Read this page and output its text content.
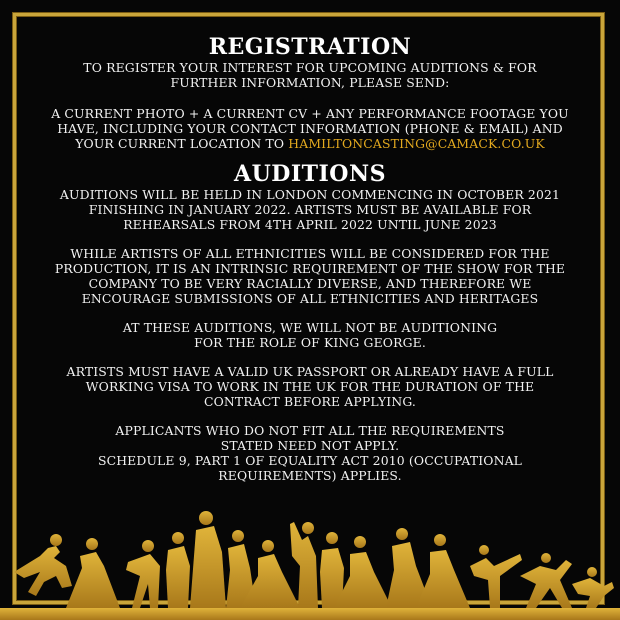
REGISTRATION

TO REGISTER YOUR INTEREST FOR UPCOMING AUDITIONS & FOR

FURTHER INFORMATION, PLEASE SEND:

A CURRENT PHOTO + A CURRENT CV + ANY PERFORMANCE FOOTAGE YOU

HAVE, INCLUDING YOUR CONTACT INFORMATION (PHONE & EMAIL) AND

YOUR CURRENT LOCATION TO HAMILTONCASTING@CAMACK.CO.UK

AUDITIONS

AUDITIONS WILL BE HELD IN LONDON COMMENCING IN OCTOBER 2021

FINISHING IN JANUARY 2022. ARTISTS MUST BE AVAILABLE FOR

REHEARSALS FROM 4TH APRIL 2022 UNTIL JUNE 2023

WHILE ARTISTS OF ALL ETHNICITIES WILL BE CONSIDERED FOR THE

PRODUCTION, IT IS AN INTRINSIC REQUIREMENT OF THE SHOW FOR THE

COMPANY TO BE VERY RACIALLY DIVERSE, AND THEREFORE WE

ENCOURAGE SUBMISSIONS OF ALL ETHNICITIES AND HERITAGES

AT THESE AUDITIONS, WE WILL NOT BE AUDITIONING

FOR THE ROLE OF KING GEORGE.

ARTISTS MUST HAVE A VALID UK PASSPORT OR ALREADY HAVE A FULL

WORKING VISA TO WORK IN THE UK FOR THE DURATION OF THE

CONTRACT BEFORE APPLYING.

APPLICANTS WHO DO NOT FIT ALL THE REQUIREMENTS

STATED NEED NOT APPLY.

SCHEDULE 9, PART 1 OF EQUALITY ACT 2010 (OCCUPATIONAL

REQUIREMENTS) APPLIES.
